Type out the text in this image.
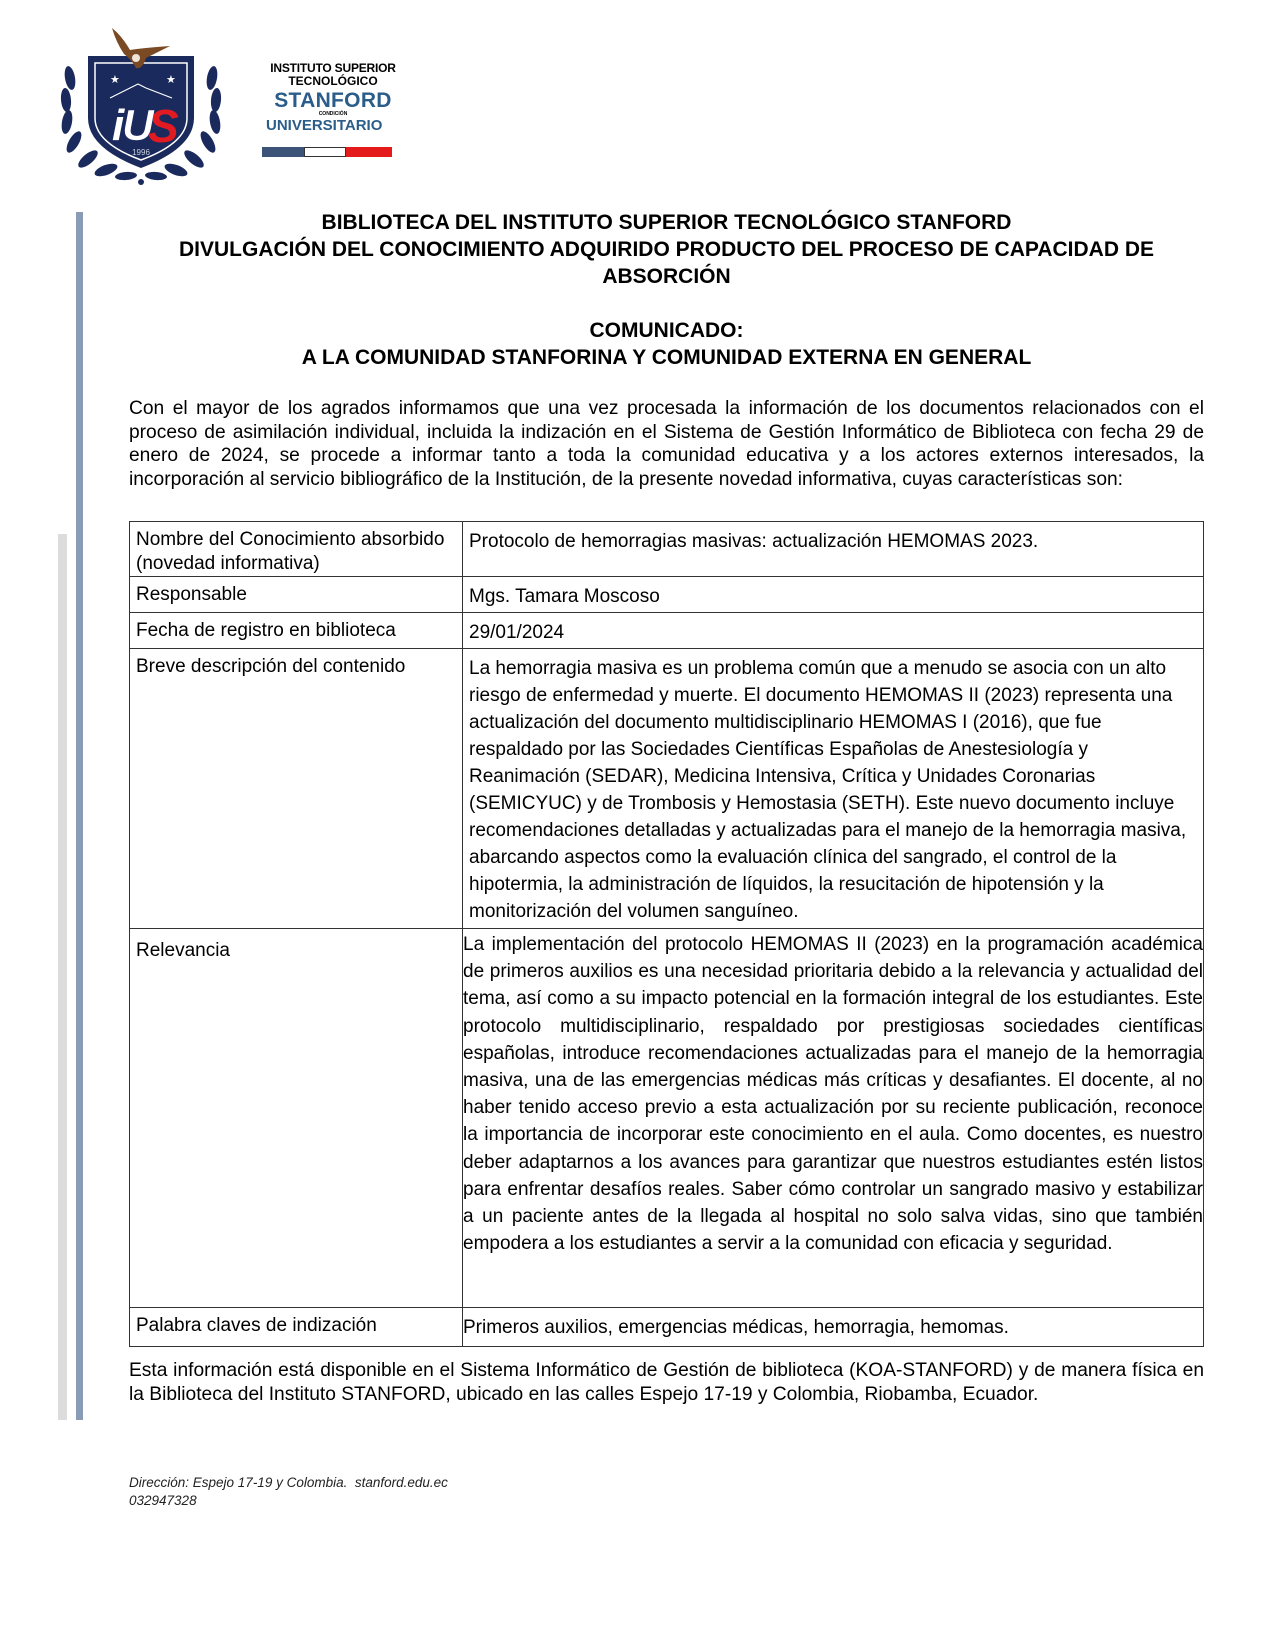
★	★
i
U
S
1996
INSTITUTO SUPERIOR
TECNOLÓGICO
STANFORD
CONDICIÓN
UNIVERSITARIO
BIBLIOTECA DEL INSTITUTO SUPERIOR TECNOLÓGICO STANFORD
DIVULGACIÓN DEL CONOCIMIENTO ADQUIRIDO PRODUCTO DEL PROCESO DE CAPACIDAD DE
ABSORCIÓN
COMUNICADO:
A LA COMUNIDAD STANFORINA Y COMUNIDAD EXTERNA EN GENERAL
Con el mayor de los agrados informamos que una vez procesada la información de los documentos relacionados con el proceso de asimilación individual, incluida la indización en el Sistema de Gestión Informático de Biblioteca con fecha 29 de enero de 2024, se procede a informar tanto a toda la comunidad educativa y a los actores externos interesados, la incorporación al servicio bibliográfico de la Institución, de la presente novedad informativa, cuyas características son:
Nombre del Conocimiento absorbido (novedad informativa)	Protocolo de hemorragias masivas: actualización HEMOMAS 2023.
Responsable	Mgs. Tamara Moscoso
Fecha de registro en biblioteca	29/01/2024
Breve descripción del contenido	La hemorragia masiva es un problema común que a menudo se asocia con un alto riesgo de enfermedad y muerte. El documento HEMOMAS II (2023) representa una actualización del documento multidisciplinario HEMOMAS I (2016), que fue respaldado por las Sociedades Científicas Españolas de Anestesiología y Reanimación (SEDAR), Medicina Intensiva, Crítica y Unidades Coronarias (SEMICYUC) y de Trombosis y Hemostasia (SETH). Este nuevo documento incluye recomendaciones detalladas y actualizadas para el manejo de la hemorragia masiva, abarcando aspectos como la evaluación clínica del sangrado, el control de la hipotermia, la administración de líquidos, la resucitación de hipotensión y la monitorización del volumen sanguíneo.
Relevancia	La implementación del protocolo HEMOMAS II (2023) en la programación académica de primeros auxilios es una necesidad prioritaria debido a la relevancia y actualidad del tema, así como a su impacto potencial en la formación integral de los estudiantes. Este protocolo multidisciplinario, respaldado por prestigiosas sociedades científicas españolas, introduce recomendaciones actualizadas para el manejo de la hemorragia masiva, una de las emergencias médicas más críticas y desafiantes. El docente, al no haber tenido acceso previo a esta actualización por su reciente publicación, reconoce la importancia de incorporar este conocimiento en el aula. Como docentes, es nuestro deber adaptarnos a los avances para garantizar que nuestros estudiantes estén listos para enfrentar desafíos reales. Saber cómo controlar un sangrado masivo y estabilizar a un paciente antes de la llegada al hospital no solo salva vidas, sino que también empodera a los estudiantes a servir a la comunidad con eficacia y seguridad.
Palabra claves de indización	Primeros auxilios, emergencias médicas, hemorragia, hemomas.
Esta información está disponible en el Sistema Informático de Gestión de biblioteca (KOA-STANFORD) y de manera física en la Biblioteca del Instituto STANFORD, ubicado en las calles Espejo 17-19 y Colombia, Riobamba, Ecuador.
Dirección: Espejo 17-19 y Colombia.  stanford.edu.ec
032947328
